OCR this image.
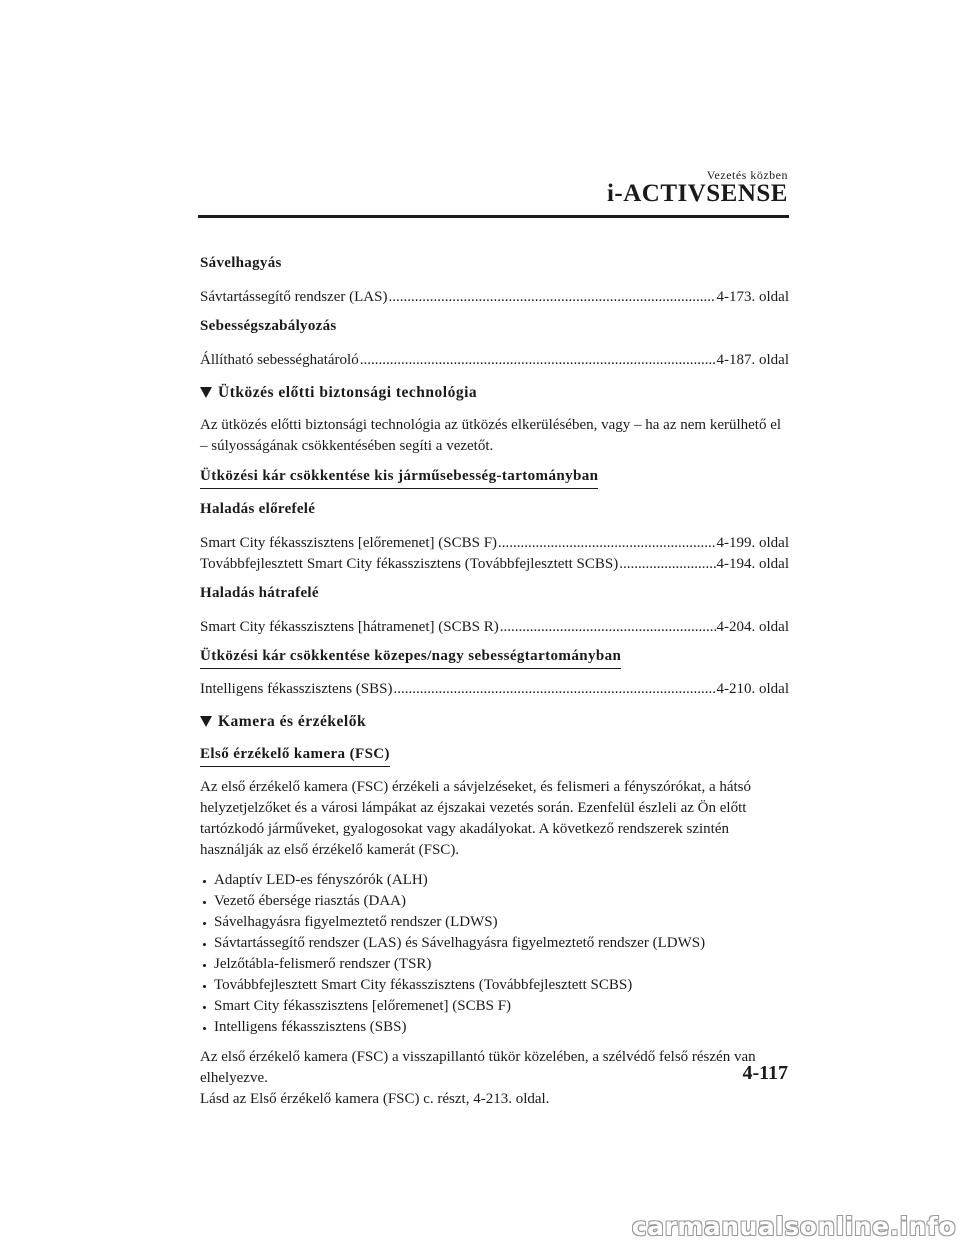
Vezetés közben
i-ACTIVSENSE
Sávelhagyás
Sávtartássegítő rendszer (LAS) .....	4-173. oldal
Sebességszabályozás
Állítható sebességhatároló .....	4-187. oldal
Ütközés előtti biztonsági technológia
Az ütközés előtti biztonsági technológia az ütközés elkerülésében, vagy – ha az nem kerülhető el – súlyosságának csökkentésében segíti a vezetőt.
Ütközési kár csökkentése kis járműsebesség-tartományban
Haladás előrefelé
Smart City fékasszisztens [előremenet] (SCBS F) .....	4-199. oldal
Továbbfejlesztett Smart City fékasszisztens (Továbbfejlesztett SCBS) .....	4-194. oldal
Haladás hátrafelé
Smart City fékasszisztens [hátramenet] (SCBS R) .....	4-204. oldal
Ütközési kár csökkentése közepes/nagy sebességtartományban
Intelligens fékasszisztens (SBS) .....	4-210. oldal
Kamera és érzékelők
Első érzékelő kamera (FSC)
Az első érzékelő kamera (FSC) érzékeli a sávjelzéseket, és felismeri a fényszórókat, a hátsó helyzetjelzőket és a városi lámpákat az éjszakai vezetés során. Ezenfelül észleli az Ön előtt tartózkodó járműveket, gyalogosokat vagy akadályokat. A következő rendszerek szintén használják az első érzékelő kamerát (FSC).
Adaptív LED-es fényszórók (ALH)
Vezető ébersége riasztás (DAA)
Sávelhagyásra figyelmeztető rendszer (LDWS)
Sávtartássegítő rendszer (LAS) és Sávelhagyásra figyelmeztető rendszer (LDWS)
Jelzőtábla-felismerő rendszer (TSR)
Továbbfejlesztett Smart City fékasszisztens (Továbbfejlesztett SCBS)
Smart City fékasszisztens [előremenet] (SCBS F)
Intelligens fékasszisztens (SBS)
Az első érzékelő kamera (FSC) a visszapillantó tükör közelében, a szélvédő felső részén van elhelyezve.
Lásd az Első érzékelő kamera (FSC) c. részt, 4-213. oldal.
4-117
carmanualsonline.info
